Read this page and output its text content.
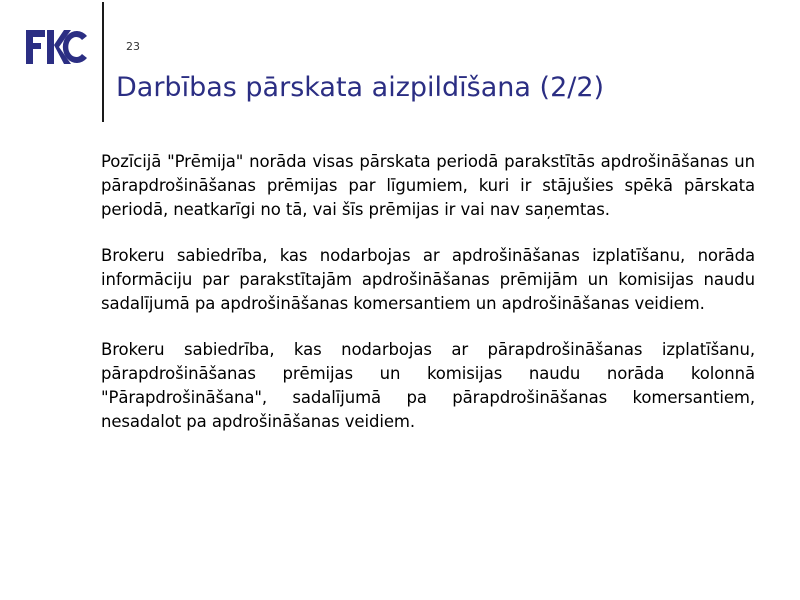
23
Darbības pārskata aizpildīšana (2/2)

Pozīcijā "Prēmija" norāda visas pārskata periodā parakstītās apdrošināšanas un pārapdrošināšanas prēmijas par līgumiem, kuri ir stājušies spēkā pārskata periodā, neatkarīgi no tā, vai šīs prēmijas ir vai nav saņemtas.

Brokeru sabiedrība, kas nodarbojas ar apdrošināšanas izplatīšanu, norāda informāciju par parakstītajām apdrošināšanas prēmijām un komisijas naudu sadalījumā pa apdrošināšanas komersantiem un apdrošināšanas veidiem.

Brokeru sabiedrība, kas nodarbojas ar pārapdrošināšanas izplatīšanu, pārapdrošināšanas prēmijas un komisijas naudu norāda kolonnā "Pārapdrošināšana", sadalījumā pa pārapdrošināšanas komersantiem, nesadalot pa apdrošināšanas veidiem.
